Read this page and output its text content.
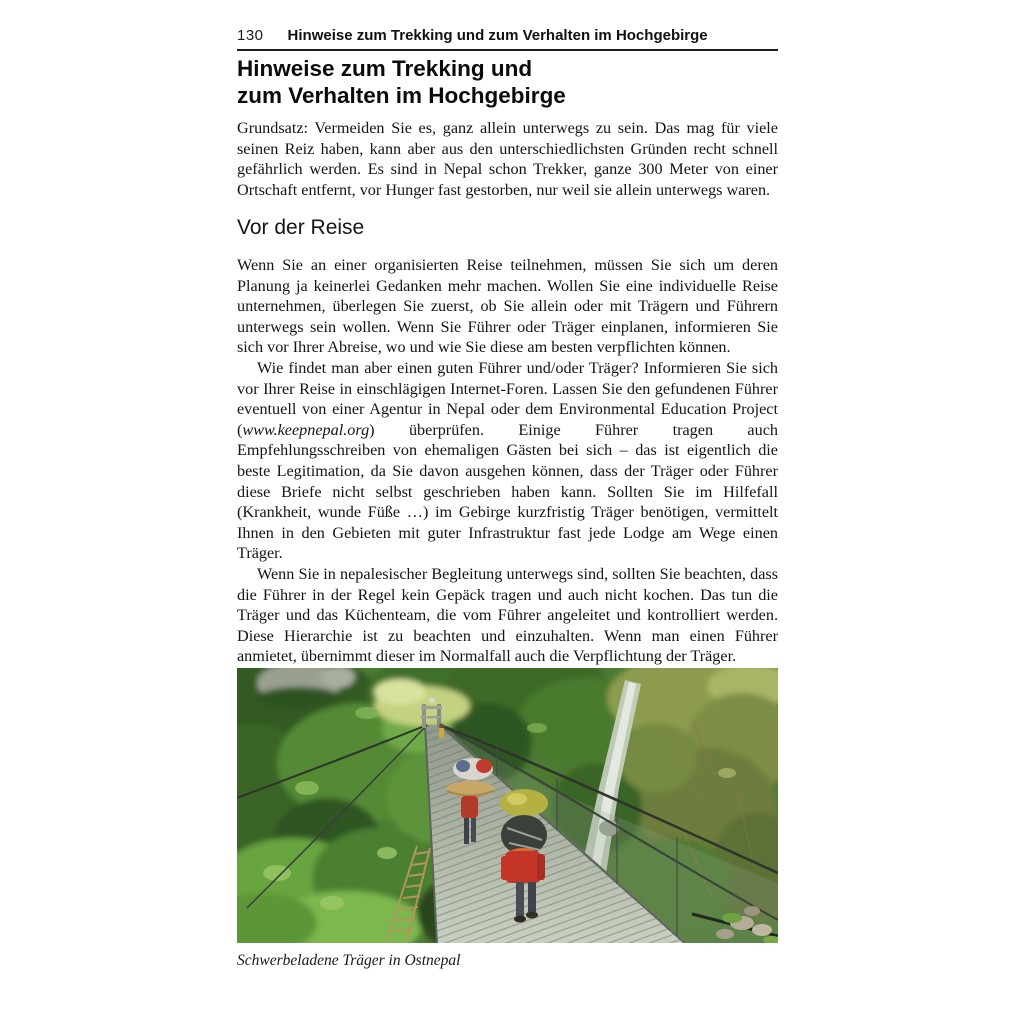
130 Hinweise zum Trekking und zum Verhalten im Hochgebirge
Hinweise zum Trekking und
zum Verhalten im Hochgebirge

Grundsatz: Vermeiden Sie es, ganz allein unterwegs zu sein. Das mag für viele seinen Reiz haben, kann aber aus den unterschiedlichsten Gründen recht schnell gefährlich werden. Es sind in Nepal schon Trekker, ganze 300 Meter von einer Ortschaft entfernt, vor Hunger fast gestorben, nur weil sie allein unterwegs waren.

Vor der Reise

Wenn Sie an einer organisierten Reise teilnehmen, müssen Sie sich um deren Planung ja keinerlei Gedanken mehr machen. Wollen Sie eine individuelle Reise unternehmen, überlegen Sie zuerst, ob Sie allein oder mit Trägern und Führern unterwegs sein wollen. Wenn Sie Führer oder Träger einplanen, informieren Sie sich vor Ihrer Abreise, wo und wie Sie diese am besten verpflichten können.

Wie findet man aber einen guten Führer und/oder Träger? Informieren Sie sich vor Ihrer Reise in einschlägigen Internet-Foren. Lassen Sie den gefundenen Führer eventuell von einer Agentur in Nepal oder dem Environmental Education Project (www.keepnepal.org) überprüfen. Einige Führer tragen auch Empfehlungsschreiben von ehemaligen Gästen bei sich – das ist eigentlich die beste Legitimation, da Sie davon ausgehen können, dass der Träger oder Führer diese Briefe nicht selbst geschrieben haben kann. Sollten Sie im Hilfefall (Krankheit, wunde Füße …) im Gebirge kurzfristig Träger benötigen, vermittelt Ihnen in den Gebieten mit guter Infrastruktur fast jede Lodge am Wege einen Träger.

Wenn Sie in nepalesischer Begleitung unterwegs sind, sollten Sie beachten, dass die Führer in der Regel kein Gepäck tragen und auch nicht kochen. Das tun die Träger und das Küchenteam, die vom Führer angeleitet und kontrolliert werden. Diese Hierarchie ist zu beachten und einzuhalten. Wenn man einen Führer anmietet, übernimmt dieser im Normalfall auch die Verpflichtung der Träger.

Schwerbeladene Träger in Ostnepal
